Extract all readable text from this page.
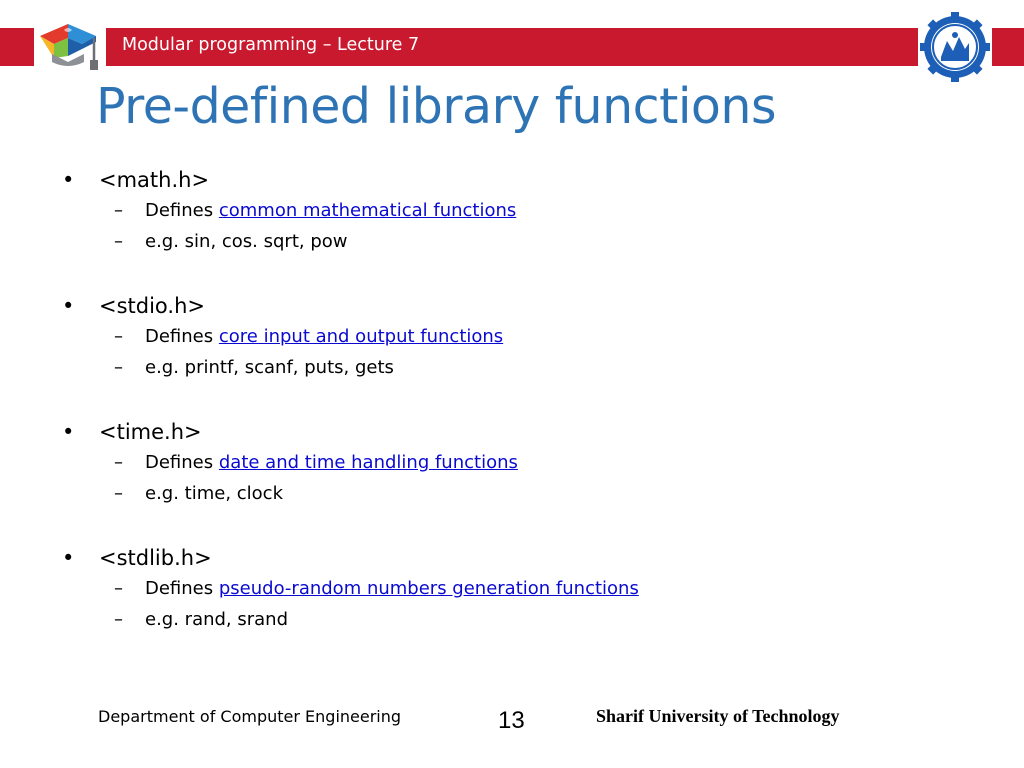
Modular programming – Lecture 7
Pre-defined library functions
• <math.h>
– Defines common mathematical functions
– e.g. sin, cos. sqrt, pow
• <stdio.h>
– Defines core input and output functions
– e.g. printf, scanf, puts, gets
• <time.h>
– Defines date and time handling functions
– e.g. time, clock
• <stdlib.h>
– Defines pseudo-random numbers generation functions
– e.g. rand, srand
Department of Computer Engineering	13	Sharif University of Technology
